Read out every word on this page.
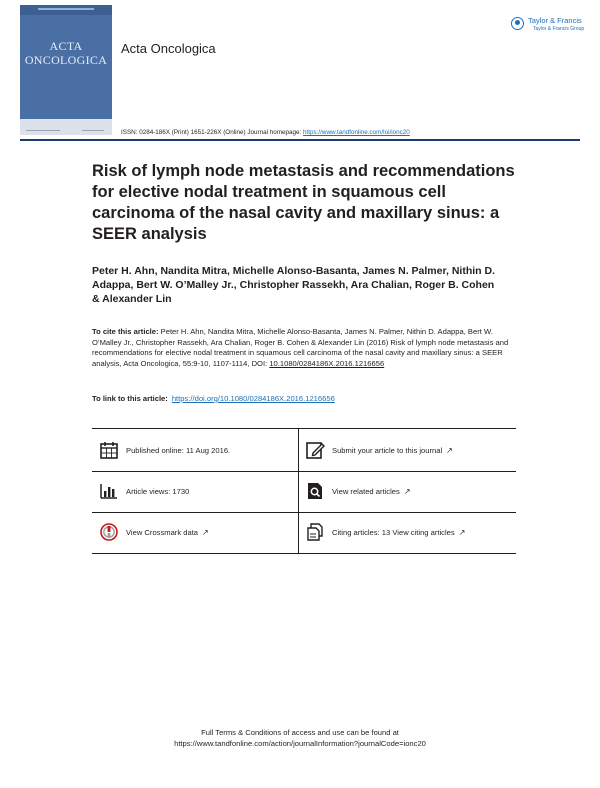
ACTA
ONCOLOGICA
Acta Oncologica
Taylor & Francis
Taylor & Francis Group
ISSN: 0284-186X (Print) 1651-226X (Online) Journal homepage: https://www.tandfonline.com/loi/ionc20
Risk of lymph node metastasis and recommendations for elective nodal treatment in squamous cell carcinoma of the nasal cavity and maxillary sinus: a SEER analysis
Peter H. Ahn, Nandita Mitra, Michelle Alonso-Basanta, James N. Palmer, Nithin D. Adappa, Bert W. O’Malley Jr., Christopher Rassekh, Ara Chalian, Roger B. Cohen & Alexander Lin
To cite this article: Peter H. Ahn, Nandita Mitra, Michelle Alonso-Basanta, James N. Palmer, Nithin D. Adappa, Bert W. O’Malley Jr., Christopher Rassekh, Ara Chalian, Roger B. Cohen & Alexander Lin (2016) Risk of lymph node metastasis and recommendations for elective nodal treatment in squamous cell carcinoma of the nasal cavity and maxillary sinus: a SEER analysis, Acta Oncologica, 55:9-10, 1107-1114, DOI: 10.1080/0284186X.2016.1216656
To link to this article: https://doi.org/10.1080/0284186X.2016.1216656
Published online: 11 Aug 2016.	Submit your article to this journal ↗
Article views: 1730	View related articles ↗
View Crossmark data ↗	Citing articles: 13 View citing articles ↗
Full Terms & Conditions of access and use can be found at
https://www.tandfonline.com/action/journalInformation?journalCode=ionc20
